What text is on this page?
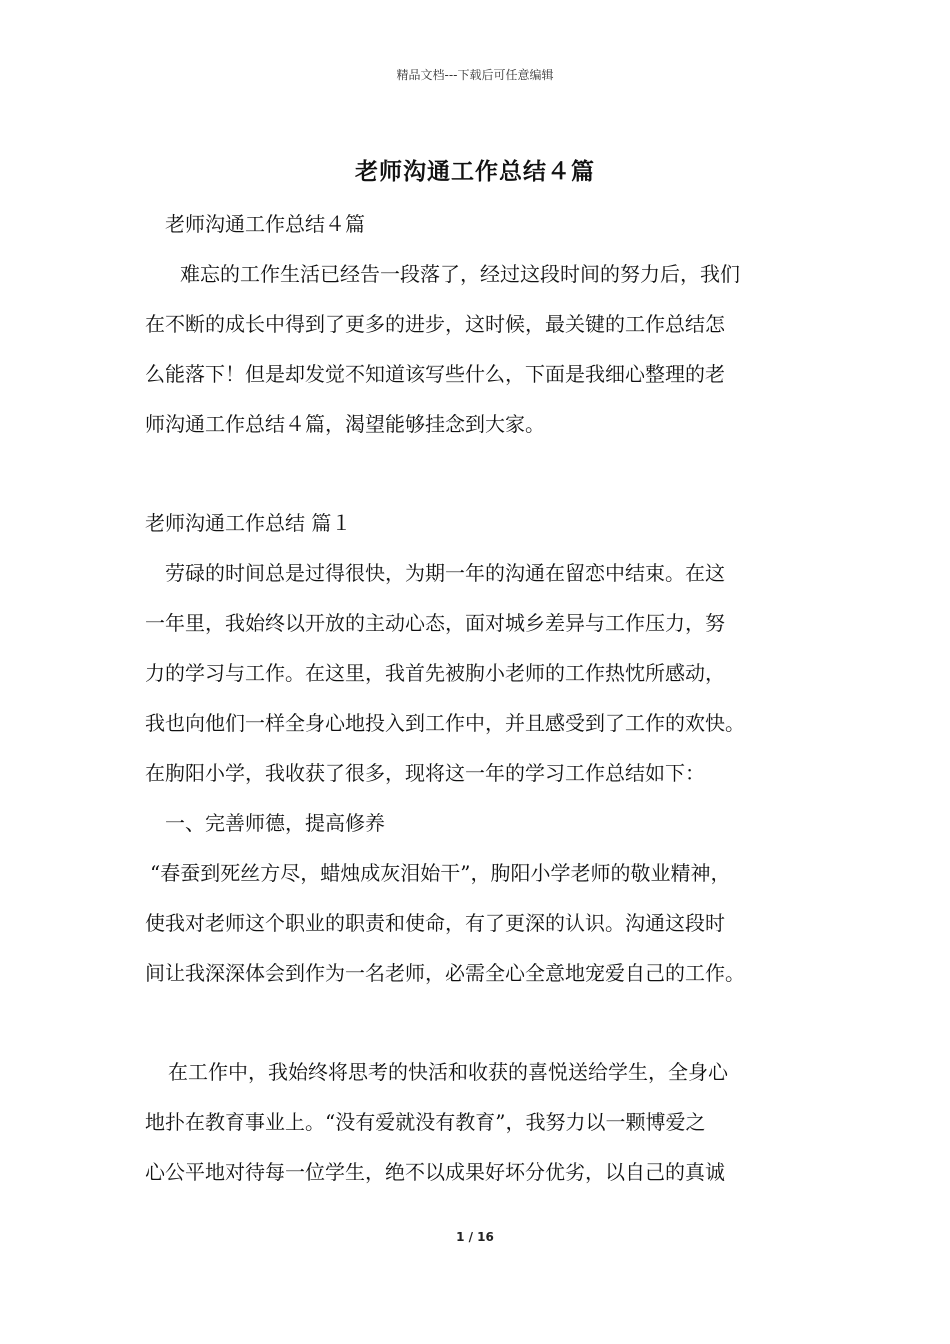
精品文档---下载后可任意编辑
老师沟通工作总结４篇
老师沟通工作总结４篇
难忘的工作生活已经告一段落了，经过这段时间的努力后，我们
在不断的成长中得到了更多的进步，这时候，最关键的工作总结怎
么能落下！但是却发觉不知道该写些什么，下面是我细心整理的老
师沟通工作总结４篇，渴望能够挂念到大家。
老师沟通工作总结 篇１
劳碌的时间总是过得很快，为期一年的沟通在留恋中结束。在这
一年里，我始终以开放的主动心态，面对城乡差异与工作压力，努
力的学习与工作。在这里，我首先被朐小老师的工作热忱所感动，
我也向他们一样全身心地投入到工作中，并且感受到了工作的欢快。
在朐阳小学，我收获了很多，现将这一年的学习工作总结如下：
一、完善师德，提高修养
“春蚕到死丝方尽，蜡烛成灰泪始干”，朐阳小学老师的敬业精神，
使我对老师这个职业的职责和使命，有了更深的认识。沟通这段时
间让我深深体会到作为一名老师，必需全心全意地宠爱自己的工作。
在工作中，我始终将思考的快活和收获的喜悦送给学生，全身心
地扑在教育事业上。“没有爱就没有教育”，我努力以一颗博爱之
心公平地对待每一位学生，绝不以成果好坏分优劣，以自己的真诚
1 / 16
